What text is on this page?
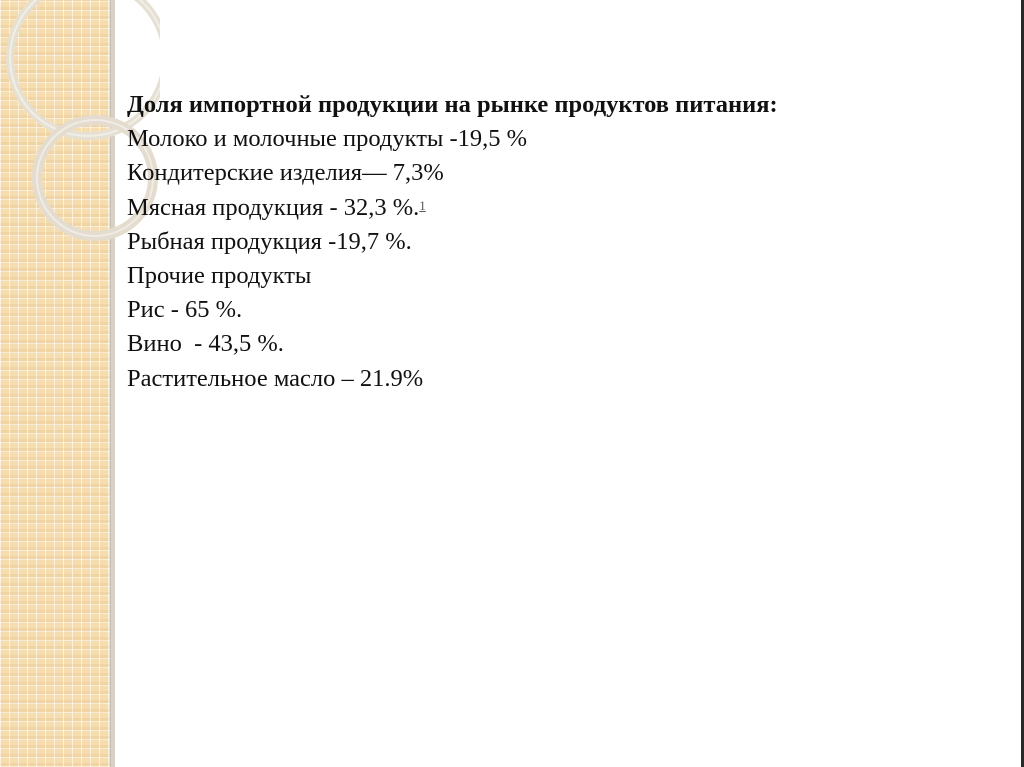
Доля импортной продукции на рынке продуктов питания:

Молоко и молочные продукты -19,5 %

Кондитерские изделия— 7,3%

Мясная продукция - 32,3 %.$^1$

Рыбная продукция -19,7 %.

Прочие продукты

Рис - 65 %.

Вино  - 43,5 %.

Растительное масло – 21.9%
